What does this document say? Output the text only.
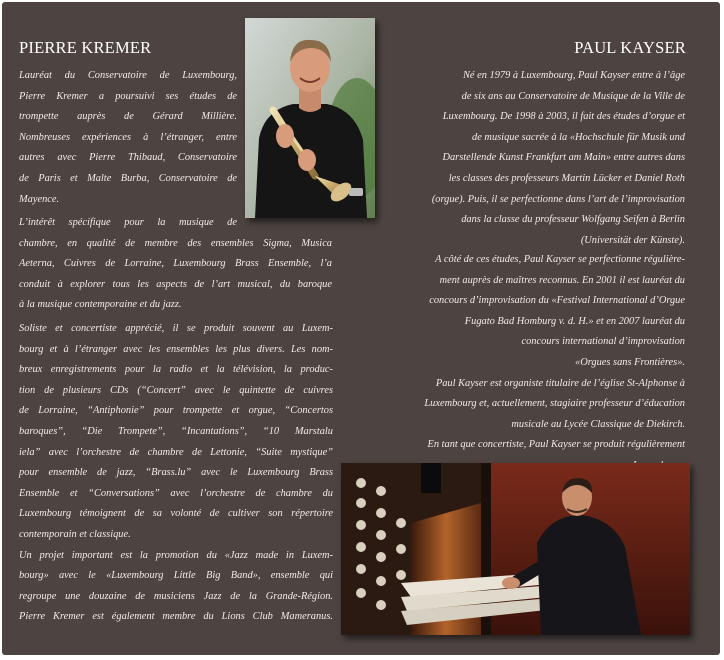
PIERRE KREMER	PAUL KAYSER
Lauréat du Conservatoire de Luxembourg,
Pierre Kremer a poursuivi ses études de
trompette auprès de Gérard Millière.
Nombreuses expériences à l’étranger, entre
autres avec Pierre Thibaud, Conservatoire
de Paris et Malte Burba, Conservatoire de
Mayence.
L’intérêt spécifique pour la musique de
chambre, en qualité de membre des ensembles Sigma, Musica
Aeterna, Cuivres de Lorraine, Luxembourg Brass Ensemble, l’a
conduit à explorer tous les aspects de l’art musical, du baroque
à la musique contemporaine et du jazz.
Soliste et concertiste apprécié, il se produit souvent au Luxem-
bourg et à l’étranger avec les ensembles les plus divers. Les nom-
breux enregistrements pour la radio et la télévision, la produc-
tion de plusieurs CDs (“Concert” avec le quintette de cuivres
de Lorraine, “Antiphonie” pour trompette et orgue, “Concertos
baroques”, “Die Trompete”, “Incantations”, “10 Marstalu
iela” avec l’orchestre de chambre de Lettonie, “Suite mystique”
pour ensemble de jazz, “Brass.lu” avec le Luxembourg Brass
Ensemble et “Conversations” avec l’orchestre de chambre du
Luxembourg témoignent de sa volonté de cultiver son répertoire
contemporain et classique.
Un projet important est la promotion du «Jazz made in Luxem-
bourg» avec le «Luxembourg Little Big Band», ensemble qui
regroupe une douzaine de musiciens Jazz de la Grande-Région.
Pierre Kremer est également membre du Lions Club Mameranus.
Né en 1979 à Luxembourg, Paul Kayser entre à l’âge
de six ans au Conservatoire de Musique de la Ville de
Luxembourg. De 1998 à 2003, il fait des études d’orgue et
de musique sacrée à la «Hochschule für Musik und
Darstellende Kunst Frankfurt am Main» entre autres dans
les classes des professeurs Martin Lücker et Daniel Roth
(orgue). Puis, il se perfectionne dans l’art de l’improvisation
dans la classe du professeur Wolfgang Seifen à Berlin
(Universität der Künste).
A côté de ces études, Paul Kayser se perfectionne régulière-
ment auprès de maîtres reconnus. En 2001 il est lauréat du
concours d’improvisation du «Festival International d’Orgue
Fugato Bad Homburg v. d. H.» et en 2007 lauréat du
concours international d’improvisation
«Orgues sans Frontières».
Paul Kayser est organiste titulaire de l’église St-Alphonse à
Luxembourg et, actuellement, stagiaire professeur d’éducation
musicale au Lycée Classique de Diekirch.
En tant que concertiste, Paul Kayser se produit régulièrement
